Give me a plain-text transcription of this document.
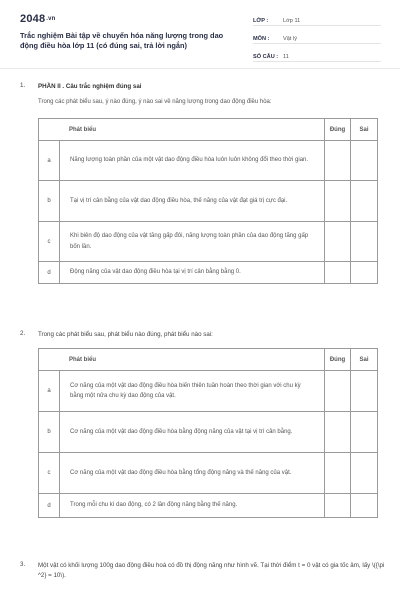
2048.vn
Trắc nghiệm Bài tập về chuyển hóa năng lượng trong dao động điều hòa lớp 11 (có đúng sai, trả lời ngắn)
LỚP :	Lớp 11
MÔN :	Vật lý
SỐ CÂU : 11
1. PHẦN II . Câu trắc nghiệm đúng sai
Trong các phát biểu sau, ý nào đúng, ý nào sai về năng lượng trong dao động điều hòa:
Phát biểu		Đúng	Sai
a	Năng lượng toàn phần của một vật dao động điều hòa luôn luôn không đổi theo thời gian.		
b	Tại vị trí cân bằng của vật dao động điều hòa, thế năng của vật đạt giá trị cực đại.		
c	Khi biên độ dao động của vật tăng gấp đôi, năng lượng toàn phần của dao động tăng gấp bốn lần.		
d	Động năng của vật dao động điều hòa tại vị trí cân bằng bằng 0.		
2. Trong các phát biểu sau, phát biểu nào đúng, phát biểu nào sai:
Phát biểu		Đúng	Sai
a	Cơ năng của một vật dao động điều hòa biến thiên tuần hoàn theo thời gian với chu kỳ bằng một nửa chu kỳ dao động của vật.		
b	Cơ năng của một vật dao động điều hòa bằng động năng của vật tại vị trí cân bằng.		
c	Cơ năng của một vật dao động điều hòa bằng tổng động năng và thế năng của vật.		
d	Trong mỗi chu kì dao động, có 2 lần động năng bằng thế năng.		
3. Một vật có khối lượng 100g dao động điều hoà có đồ thị động năng như hình vẽ. Tại thời điểm t = 0 vật có gia tốc âm, lấy \({\pi ^2} = 10\).
